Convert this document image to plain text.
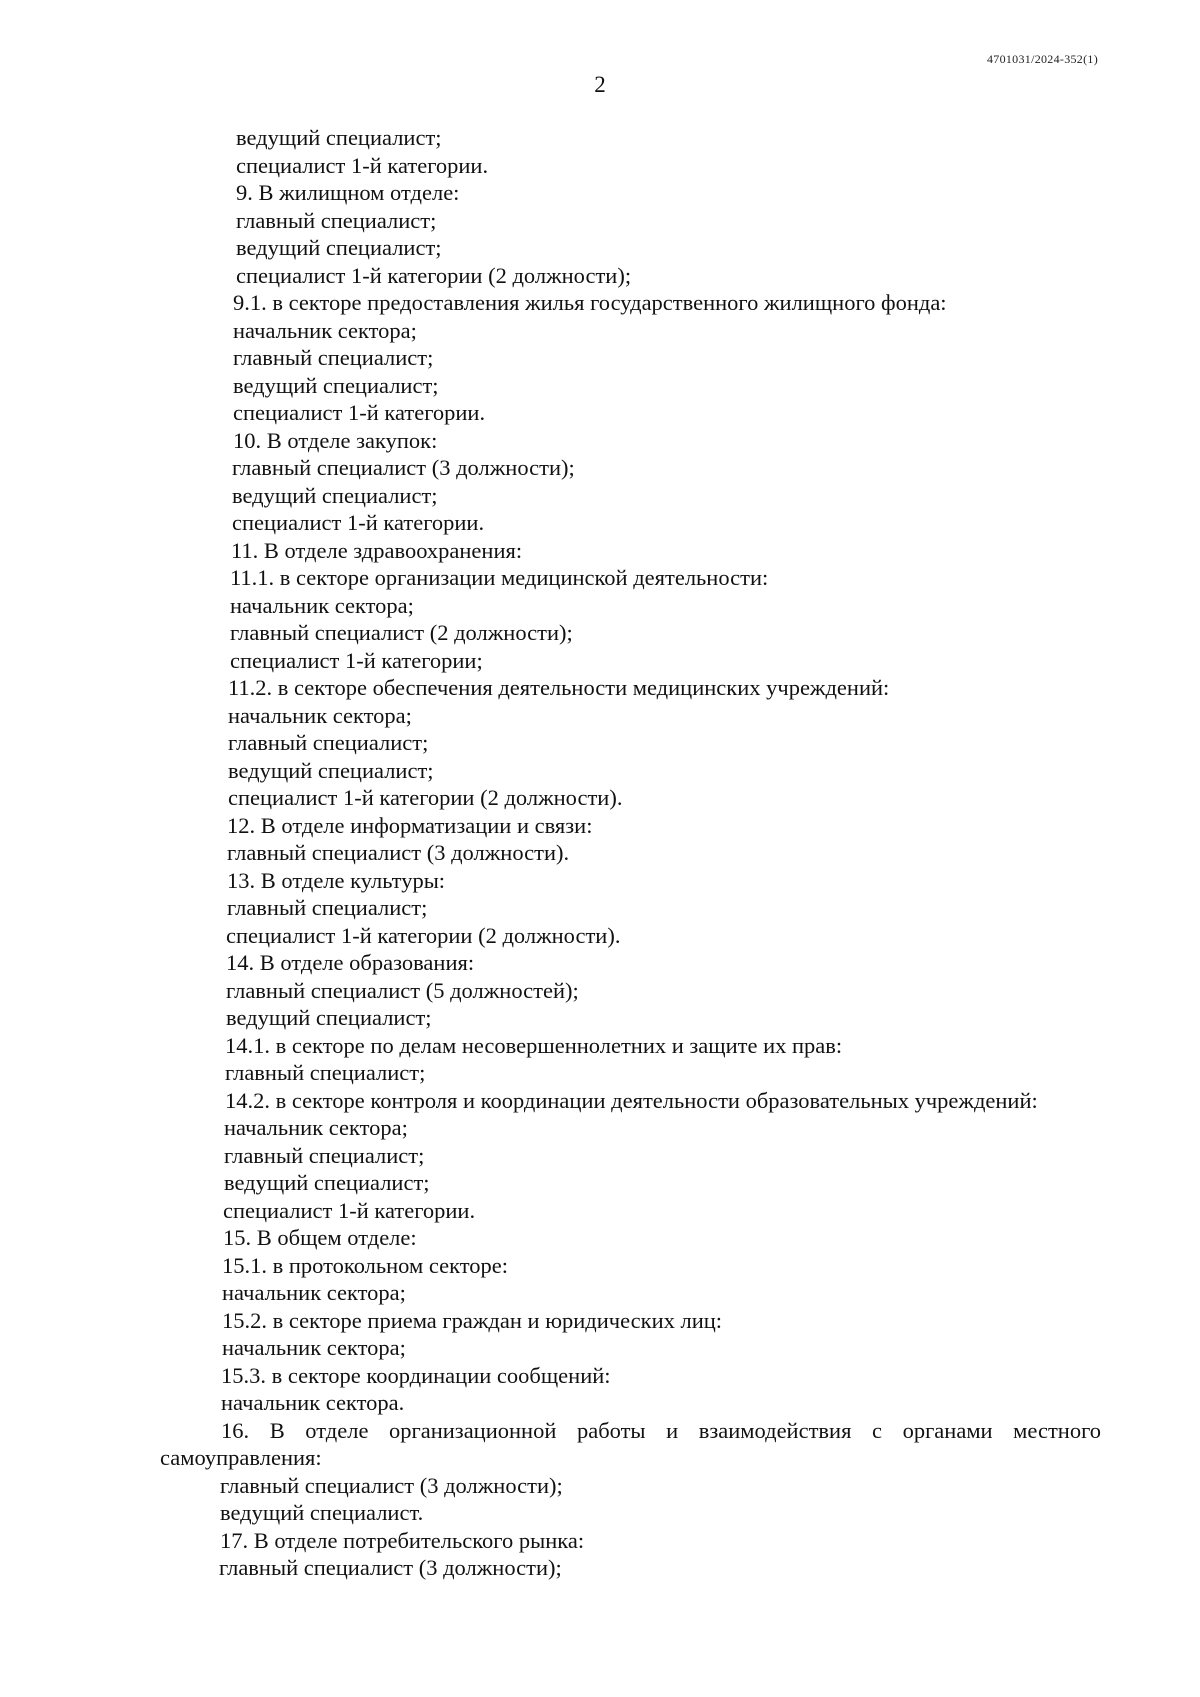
4701031/2024-352(1)
2
ведущий специалист;
специалист 1-й категории.
9. В жилищном отделе:
главный специалист;
ведущий специалист;
специалист 1-й категории (2 должности);
9.1. в секторе предоставления жилья государственного жилищного фонда:
начальник сектора;
главный специалист;
ведущий специалист;
специалист 1-й категории.
10. В отделе закупок:
главный специалист (3 должности);
ведущий специалист;
специалист 1-й категории.
11. В отделе здравоохранения:
11.1. в секторе организации медицинской деятельности:
начальник сектора;
главный специалист (2 должности);
специалист 1-й категории;
11.2. в секторе обеспечения деятельности медицинских учреждений:
начальник сектора;
главный специалист;
ведущий специалист;
специалист 1-й категории (2 должности).
12. В отделе информатизации и связи:
главный специалист (3 должности).
13. В отделе культуры:
главный специалист;
специалист 1-й категории (2 должности).
14. В отделе образования:
главный специалист (5 должностей);
ведущий специалист;
14.1. в секторе по делам несовершеннолетних и защите их прав:
главный специалист;
14.2. в секторе контроля и координации деятельности образовательных учреждений:
начальник сектора;
главный специалист;
ведущий специалист;
специалист 1-й категории.
15. В общем отделе:
15.1. в протокольном секторе:
начальник сектора;
15.2. в секторе приема граждан и юридических лиц:
начальник сектора;
15.3. в секторе координации сообщений:
начальник сектора.
16. В отделе организационной работы и взаимодействия с органами местного
самоуправления:
главный специалист (3 должности);
ведущий специалист.
17. В отделе потребительского рынка:
главный специалист (3 должности);
